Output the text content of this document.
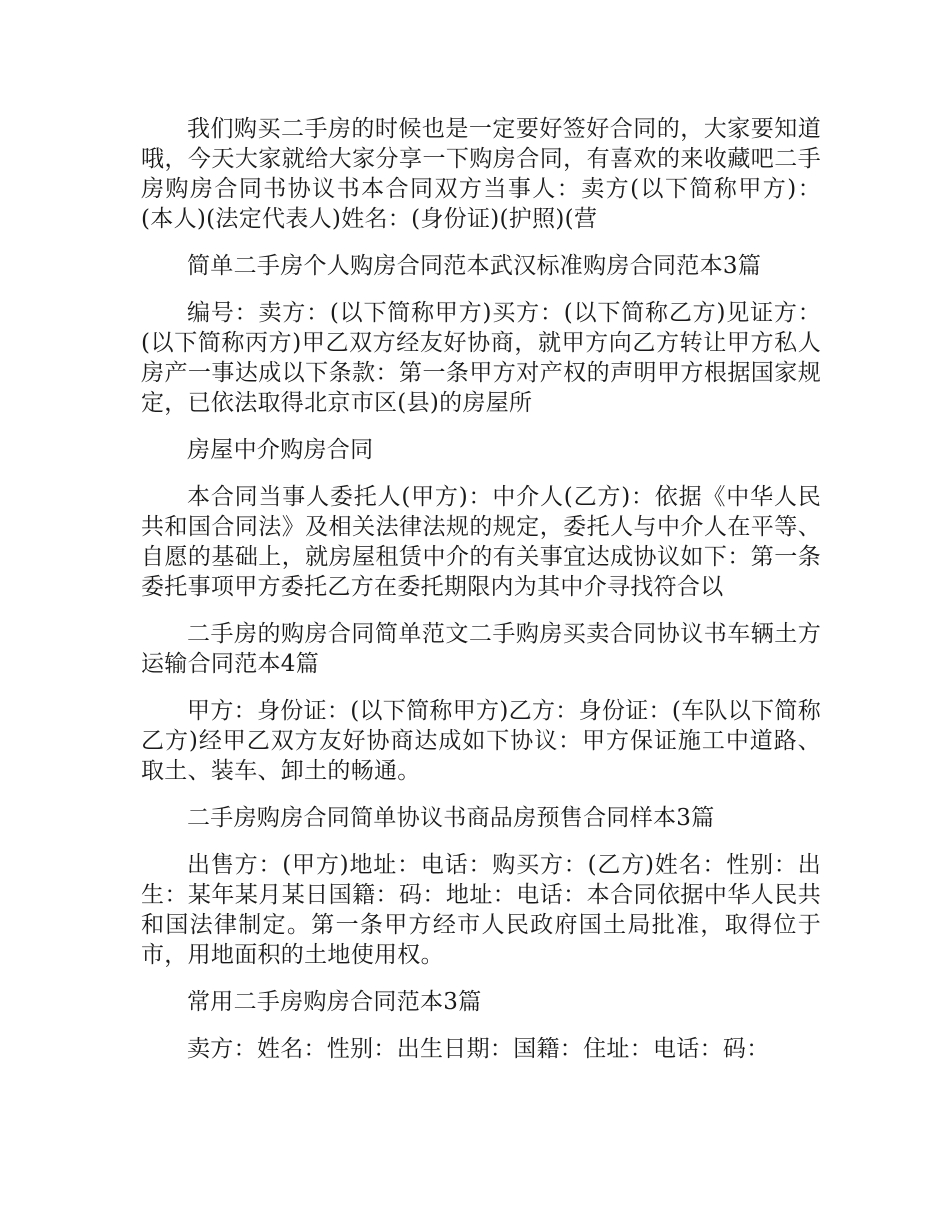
我们购买二手房的时候也是一定要好签好合同的，大家要知道哦，今天大家就给大家分享一下购房合同，有喜欢的来收藏吧二手房购房合同书协议书本合同双方当事人：卖方(以下简称甲方)：(本人)(法定代表人)姓名：(身份证)(护照)(营

简单二手房个人购房合同范本武汉标准购房合同范本3篇

编号：卖方：(以下简称甲方)买方：(以下简称乙方)见证方：(以下简称丙方)甲乙双方经友好协商，就甲方向乙方转让甲方私人房产一事达成以下条款：第一条甲方对产权的声明甲方根据国家规定，已依法取得北京市区(县)的房屋所

房屋中介购房合同

本合同当事人委托人(甲方)：中介人(乙方)：依据《中华人民共和国合同法》及相关法律法规的规定，委托人与中介人在平等、自愿的基础上，就房屋租赁中介的有关事宜达成协议如下：第一条委托事项甲方委托乙方在委托期限内为其中介寻找符合以

二手房的购房合同简单范文二手购房买卖合同协议书车辆土方运输合同范本4篇

甲方：身份证：(以下简称甲方)乙方：身份证：(车队以下简称乙方)经甲乙双方友好协商达成如下协议：甲方保证施工中道路、取土、装车、卸土的畅通。

二手房购房合同简单协议书商品房预售合同样本3篇

出售方：(甲方)地址：电话：购买方：(乙方)姓名：性别：出生：某年某月某日国籍：码：地址：电话：本合同依据中华人民共和国法律制定。第一条甲方经市人民政府国土局批准，取得位于市，用地面积的土地使用权。

常用二手房购房合同范本3篇

卖方：姓名：性别：出生日期：国籍：住址：电话：码：
